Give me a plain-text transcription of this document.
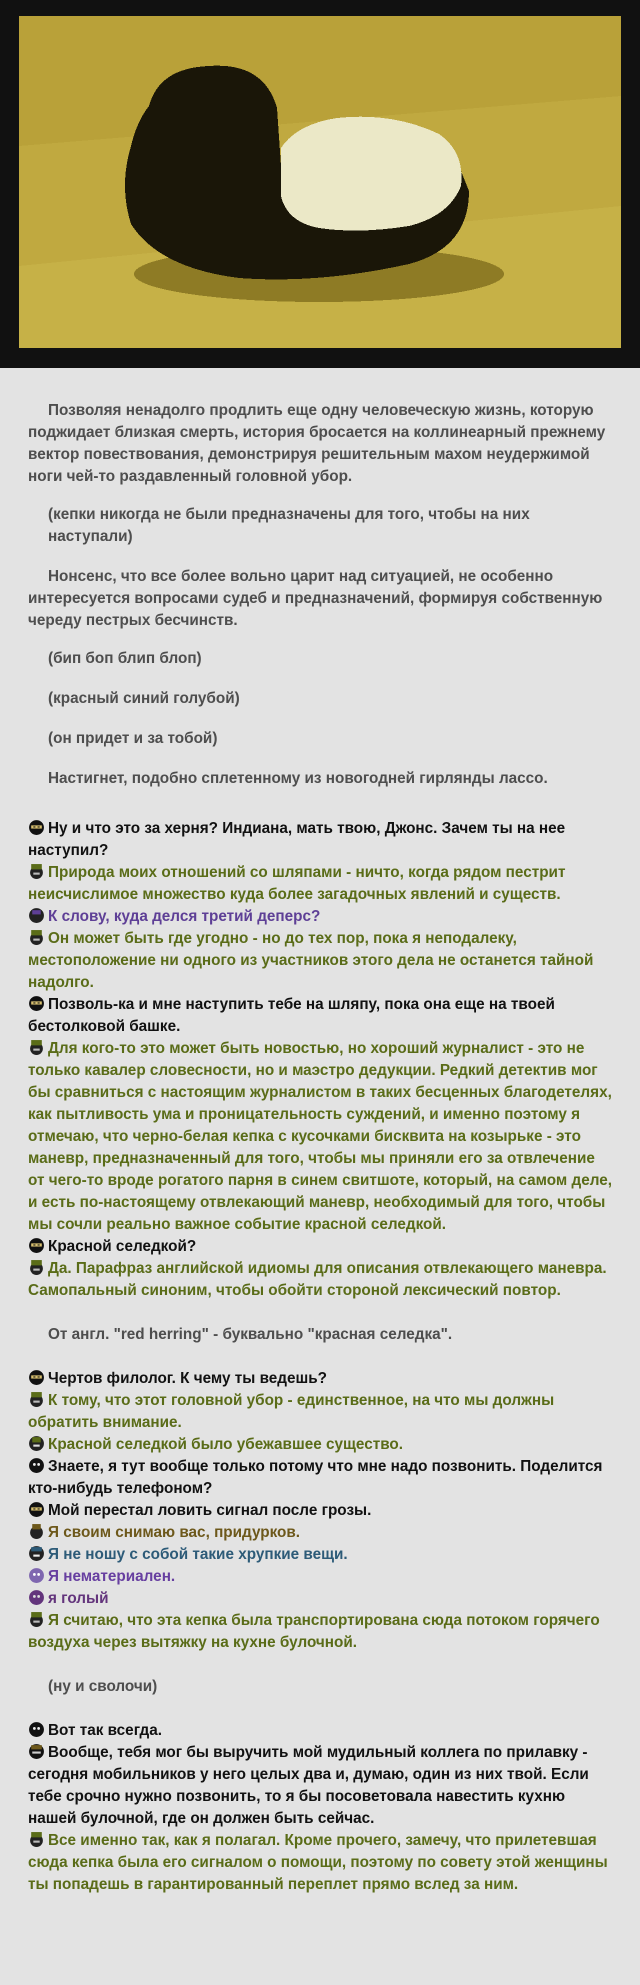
Позволяя ненадолго продлить еще одну человеческую жизнь, которую поджидает близкая смерть, история бросается на коллинеарный прежнему вектор повествования, демонстрируя решительным махом неудержимой ноги чей-то раздавленный головной убор.

(кепки никогда не были предназначены для того, чтобы на них наступали)

Нонсенс, что все более вольно царит над ситуацией, не особенно интересуется вопросами судеб и предназначений, формируя собственную череду пестрых бесчинств.

(бип боп блип блоп)

(красный синий голубой)

(он придет и за тобой)

Настигнет, подобно сплетенному из новогодней гирлянды лассо.

Ну и что это за херня? Индиана, мать твою, Джонс. Зачем ты на нее наступил?

Природа моих отношений со шляпами - ничто, когда рядом пестрит неисчислимое множество куда более загадочных явлений и существ.

К слову, куда делся третий деперс?

Он может быть где угодно - но до тех пор, пока я неподалеку, местоположение ни одного из участников этого дела не останется тайной надолго.

Позволь-ка и мне наступить тебе на шляпу, пока она еще на твоей бестолковой башке.

Для кого-то это может быть новостью, но хороший журналист - это не только кавалер словесности, но и маэстро дедукции. Редкий детектив мог бы сравниться с настоящим журналистом в таких бесценных благодетелях, как пытливость ума и проницательность суждений, и именно поэтому я отмечаю, что черно-белая кепка с кусочками бисквита на козырьке - это маневр, предназначенный для того, чтобы мы приняли его за отвлечение от чего-то вроде рогатого парня в синем свитшоте, который, на самом деле, и есть по-настоящему отвлекающий маневр, необходимый для того, чтобы мы сочли реально важное событие красной селедкой.

Красной селедкой?

Да. Парафраз английской идиомы для описания отвлекающего маневра. Самопальный синоним, чтобы обойти стороной лексический повтор.

От англ. "red herring" - буквально "красная селедка".

Чертов филолог. К чему ты ведешь?

К тому, что этот головной убор - единственное, на что мы должны обратить внимание.

Красной селедкой было убежавшее существо.

Знаете, я тут вообще только потому что мне надо позвонить. Поделится кто-нибудь телефоном?

Мой перестал ловить сигнал после грозы.

Я своим снимаю вас, придурков.

Я не ношу с собой такие хрупкие вещи.

Я нематериален.

я голый

Я считаю, что эта кепка была транспортирована сюда потоком горячего воздуха через вытяжку на кухне булочной.

(ну и сволочи)

Вот так всегда.

Вообще, тебя мог бы выручить мой мудильный коллега по прилавку - сегодня мобильников у него целых два и, думаю, один из них твой. Если тебе срочно нужно позвонить, то я бы посоветовала навестить кухню нашей булочной, где он должен быть сейчас.

Все именно так, как я полагал. Кроме прочего, замечу, что прилетевшая сюда кепка была его сигналом о помощи, поэтому по совету этой женщины ты попадешь в гарантированный переплет прямо вслед за ним.
